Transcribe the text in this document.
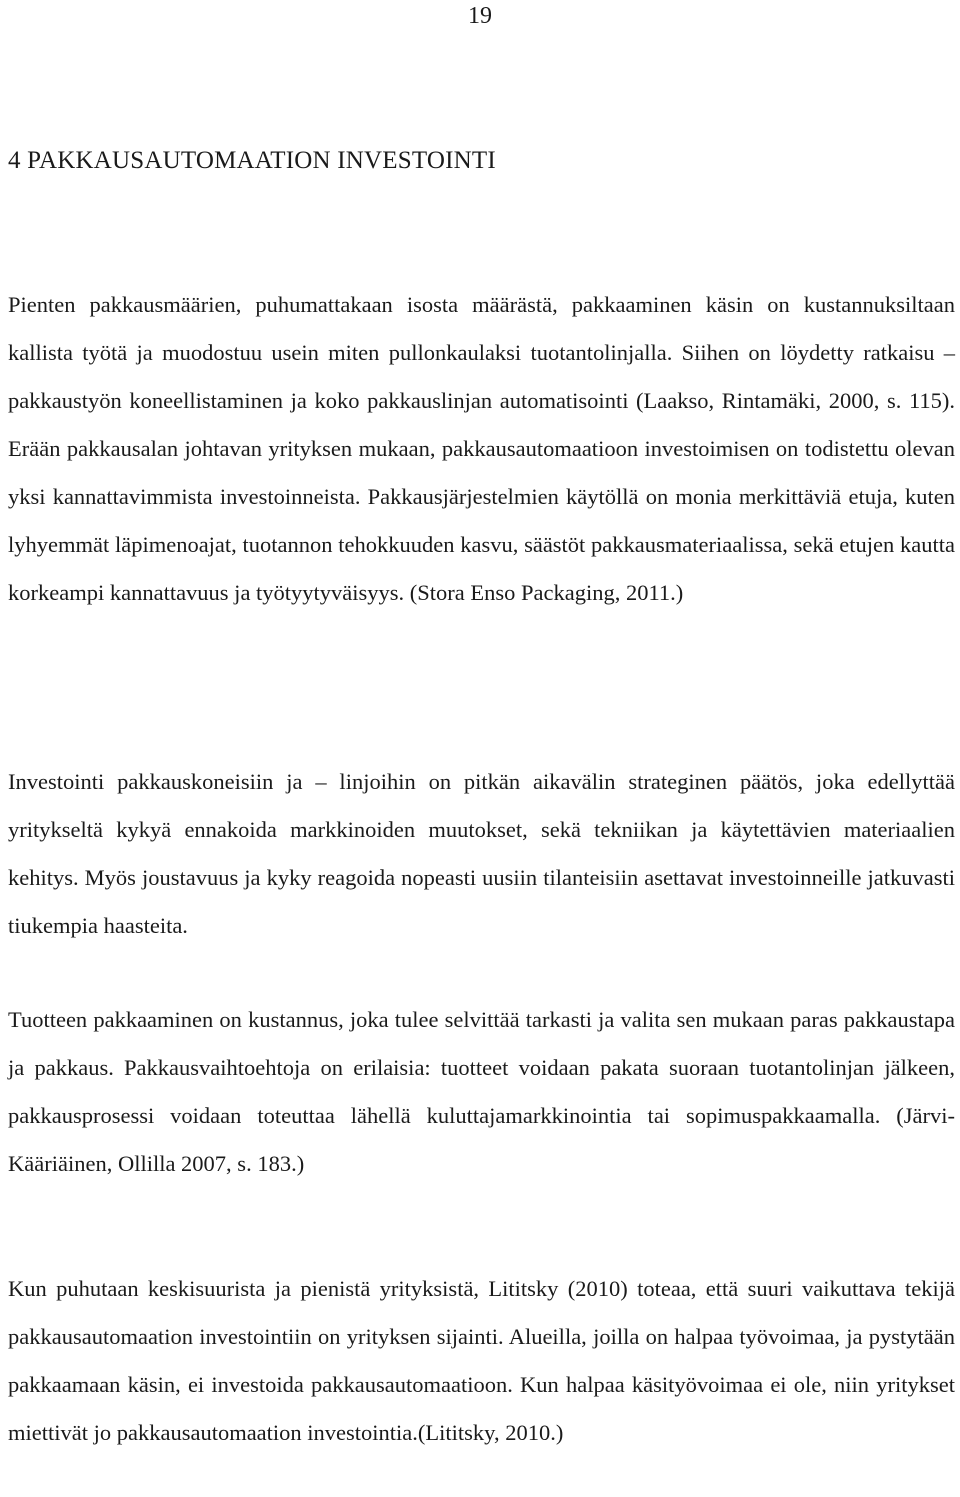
19
4 PAKKAUSAUTOMAATION INVESTOINTI

Pienten pakkausmäärien, puhumattakaan isosta määrästä, pakkaaminen käsin on kustannuksiltaan kallista työtä ja muodostuu usein miten pullonkaulaksi tuotantolinjalla. Siihen on löydetty ratkaisu – pakkaustyön koneellistaminen ja koko pakkauslinjan automatisointi (Laakso, Rintamäki, 2000, s. 115). Erään pakkausalan johtavan yrityksen mukaan, pakkausautomaatioon investoimisen on todistettu olevan yksi kannattavimmista investoinneista. Pakkausjärjestelmien käytöllä on monia merkittäviä etuja, kuten lyhyemmät läpimenoajat, tuotannon tehokkuuden kasvu, säästöt pakkausmateriaalissa, sekä etujen kautta korkeampi kannattavuus ja työtyytyväisyys. (Stora Enso Packaging, 2011.)

Investointi pakkauskoneisiin ja – linjoihin on pitkän aikavälin strateginen päätös, joka edellyttää yritykseltä kykyä ennakoida markkinoiden muutokset, sekä tekniikan ja käytettävien materiaalien kehitys. Myös joustavuus ja kyky reagoida nopeasti uusiin tilanteisiin asettavat investoinneille jatkuvasti tiukempia haasteita.

Tuotteen pakkaaminen on kustannus, joka tulee selvittää tarkasti ja valita sen mukaan paras pakkaustapa ja pakkaus. Pakkausvaihtoehtoja on erilaisia: tuotteet voidaan pakata suoraan tuotantolinjan jälkeen, pakkausprosessi voidaan toteuttaa lähellä kuluttajamarkkinointia tai sopimuspakkaamalla. (Järvi-Kääriäinen, Ollilla 2007, s. 183.)

Kun puhutaan keskisuurista ja pienistä yrityksistä, Lititsky (2010) toteaa, että suuri vaikuttava tekijä pakkausautomaation investointiin on yrityksen sijainti. Alueilla, joilla on halpaa työvoimaa, ja pystytään pakkaamaan käsin, ei investoida pakkausautomaatioon. Kun halpaa käsityövoimaa ei ole, niin yritykset miettivät jo pakkausautomaation investointia.(Lititsky, 2010.)
